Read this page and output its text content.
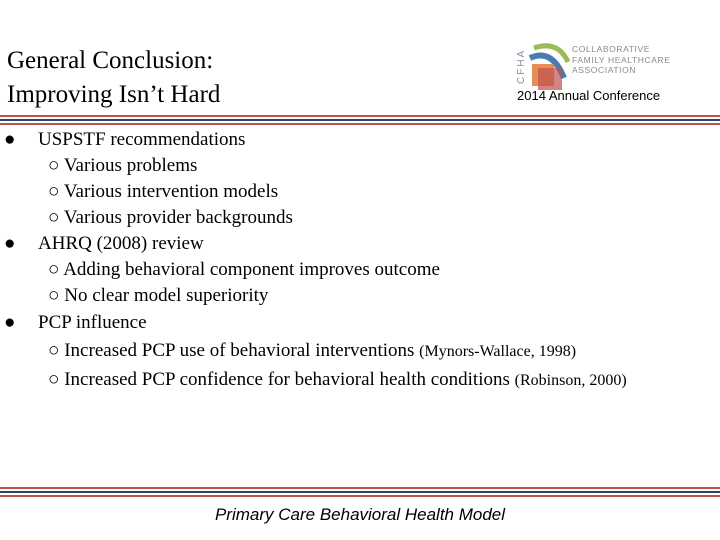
General Conclusion:
Improving Isn’t Hard
CFHA	COLLABORATIVE
FAMILY HEALTHCARE
ASSOCIATION
2014 Annual Conference
● USPSTF recommendations
○ Various problems
○ Various intervention models
○ Various provider backgrounds
● AHRQ (2008) review
○ Adding behavioral component improves outcome
○ No clear model superiority
● PCP influence
○ Increased PCP use of behavioral interventions (Mynors-Wallace, 1998)
○ Increased PCP confidence for behavioral health conditions (Robinson, 2000)
Primary Care Behavioral Health Model
